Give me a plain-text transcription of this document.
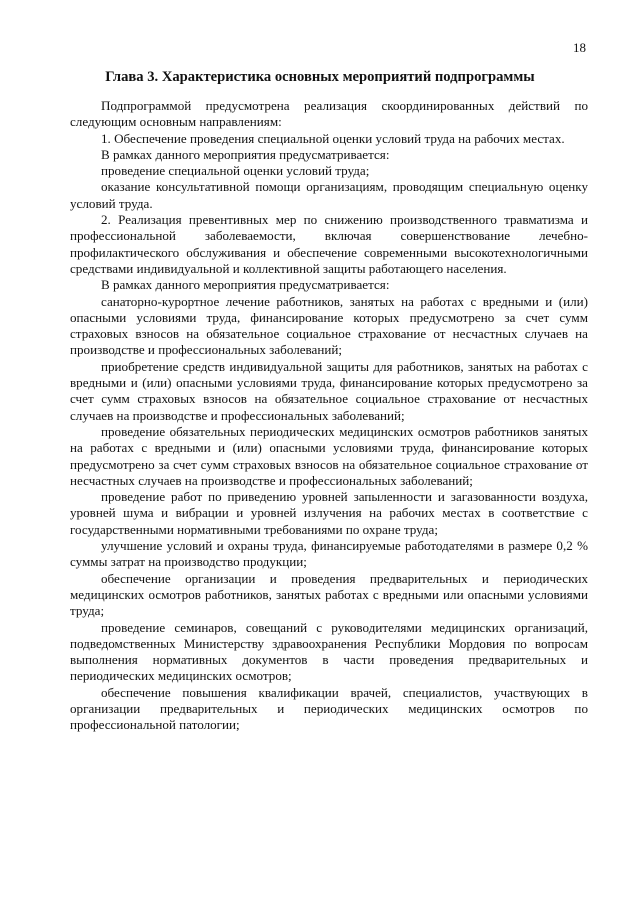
18
Глава 3. Характеристика основных мероприятий подпрограммы

Подпрограммой предусмотрена реализация скоординированных действий по следующим основным направлениям:

1. Обеспечение проведения специальной оценки условий труда на рабочих местах.

В рамках данного мероприятия предусматривается:

проведение специальной оценки условий труда;

оказание консультативной помощи организациям, проводящим специальную оценку условий труда.

2. Реализация превентивных мер по снижению производственного травматизма и профессиональной заболеваемости, включая совершенствование лечебно-профилактического обслуживания и обеспечение современными высокотехнологичными средствами индивидуальной и коллективной защиты работающего населения.

В рамках данного мероприятия предусматривается:

санаторно-курортное лечение работников, занятых на работах с вредными и (или) опасными условиями труда, финансирование которых предусмотрено за счет сумм страховых взносов на обязательное социальное страхование от несчастных случаев на производстве и профессиональных заболеваний;

приобретение средств индивидуальной защиты для работников, занятых на работах с вредными и (или) опасными условиями труда, финансирование которых предусмотрено за счет сумм страховых взносов на обязательное социальное страхование от несчастных случаев на производстве и профессиональных заболеваний;

проведение обязательных периодических медицинских осмотров работников занятых на работах с вредными и (или) опасными условиями труда, финансирование которых предусмотрено за счет сумм страховых взносов на обязательное социальное страхование от несчастных случаев на производстве и профессиональных заболеваний;

проведение работ по приведению уровней запыленности и загазованности воздуха, уровней шума и вибрации и уровней излучения на рабочих местах в соответствие с государственными нормативными требованиями по охране труда;

улучшение условий и охраны труда, финансируемые работодателями в размере 0,2 % суммы затрат на производство продукции;

обеспечение организации и проведения предварительных и периодических медицинских осмотров работников, занятых работах с вредными или опасными условиями труда;

проведение семинаров, совещаний с руководителями медицинских организаций, подведомственных Министерству здравоохранения Республики Мордовия по вопросам выполнения нормативных документов в части проведения предварительных и периодических медицинских осмотров;

обеспечение повышения квалификации врачей, специалистов, участвующих в организации предварительных и периодических медицинских осмотров по профессиональной патологии;
